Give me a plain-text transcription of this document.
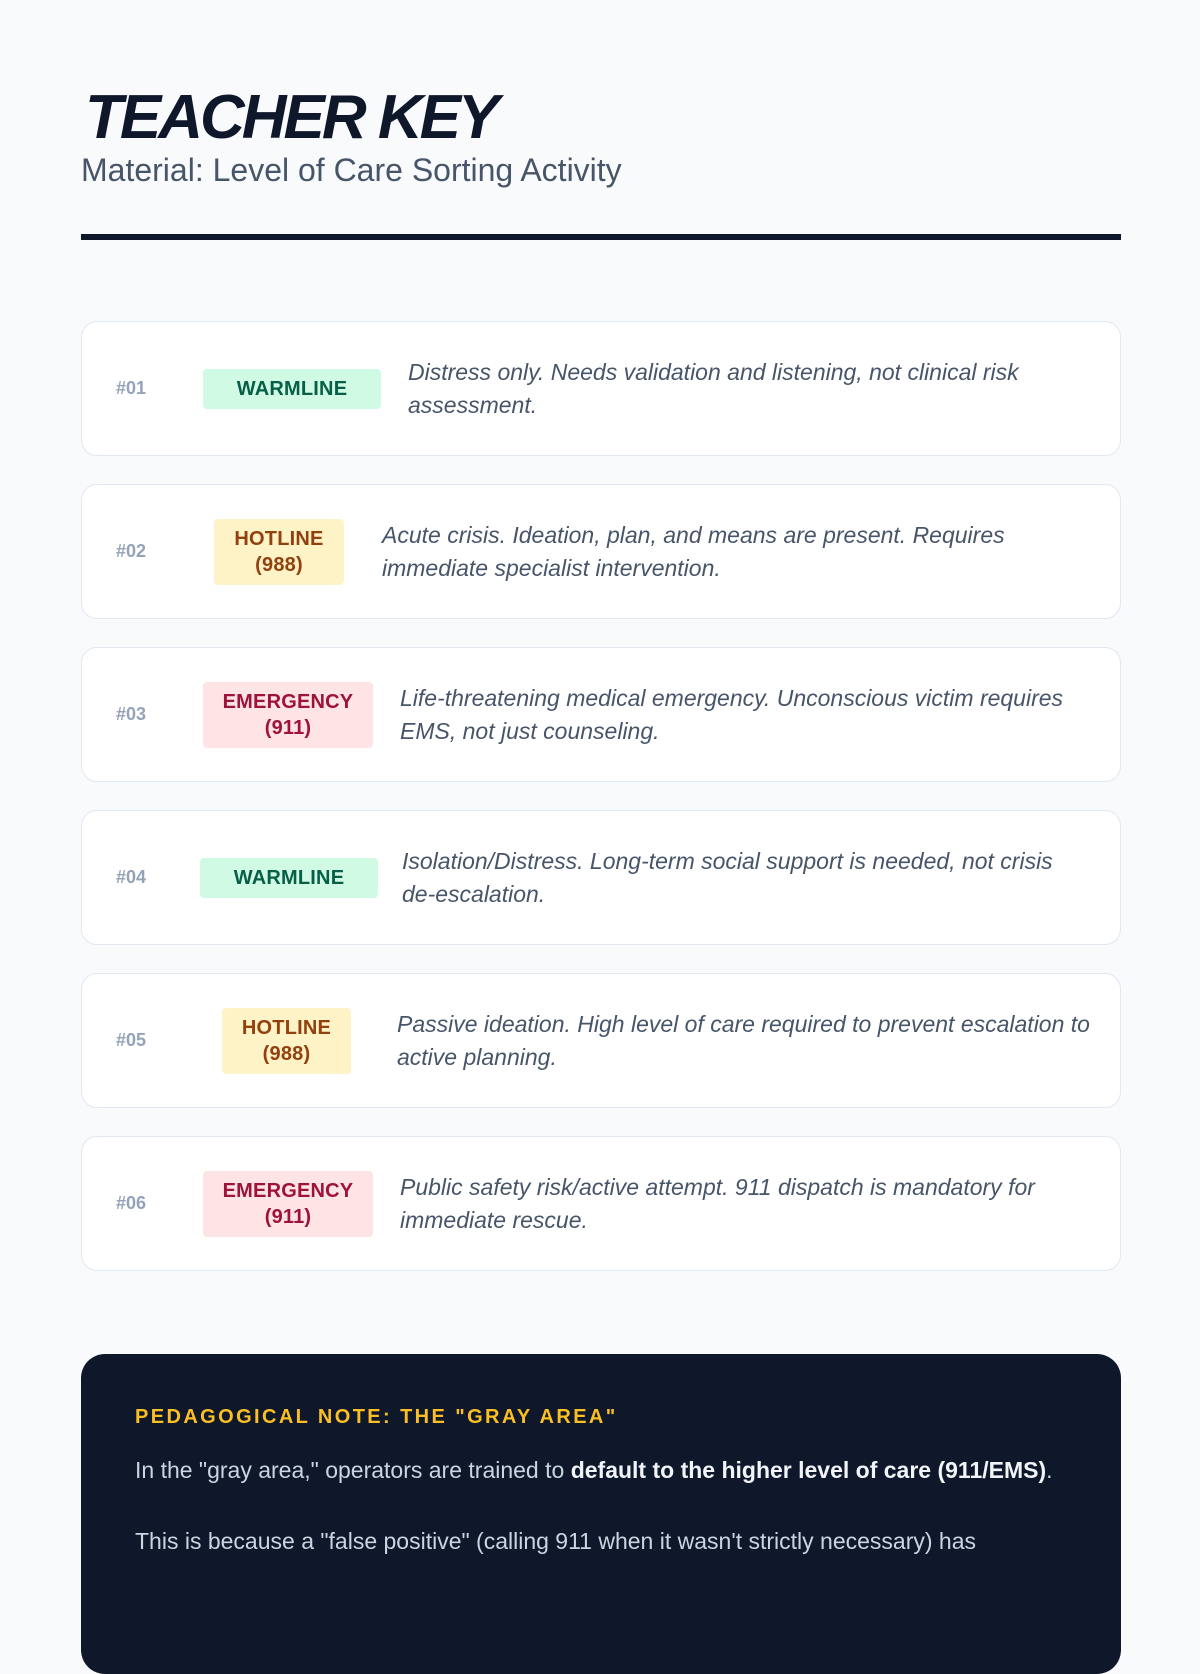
TEACHER KEY
Material: Level of Care Sorting Activity
#01	WARMLINE
Distress only. Needs validation and listening, not clinical risk assessment.
#02
HOTLINE
(988)
Acute crisis. Ideation, plan, and means are present. Requires immediate specialist intervention.
#03
EMERGENCY
(911)
Life-threatening medical emergency. Unconscious victim requires EMS, not just counseling.
#04	WARMLINE
Isolation/Distress. Long-term social support is needed, not crisis de-escalation.
#05
HOTLINE
(988)
Passive ideation. High level of care required to prevent escalation to active planning.
#06
EMERGENCY
(911)
Public safety risk/active attempt. 911 dispatch is mandatory for immediate rescue.
PEDAGOGICAL NOTE: THE "GRAY AREA"

In the "gray area," operators are trained to default to the higher level of care (911/EMS).

This is because a "false positive" (calling 911 when it wasn't strictly necessary) has
